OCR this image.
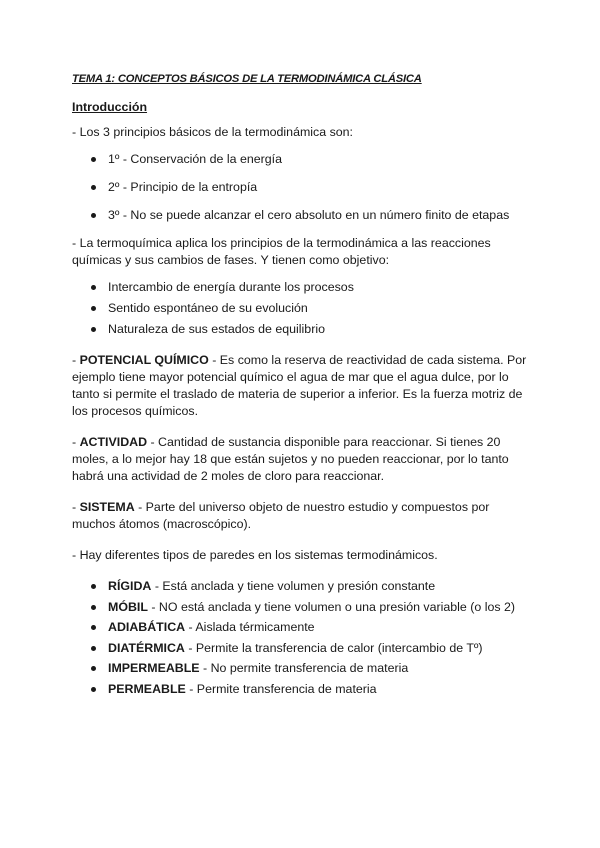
TEMA 1: CONCEPTOS BÁSICOS DE LA TERMODINÁMICA CLÁSICA
Introducción

- Los 3 principios básicos de la termodinámica son:

1º - Conservación de la energía
2º - Principio de la entropía
3º - No se puede alcanzar el cero absoluto en un número finito de etapas

- La termoquímica aplica los principios de la termodinámica a las reacciones químicas y sus cambios de fases. Y tienen como objetivo:

Intercambio de energía durante los procesos
Sentido espontáneo de su evolución
Naturaleza de sus estados de equilibrio

- POTENCIAL QUÍMICO - Es como la reserva de reactividad de cada sistema. Por ejemplo tiene mayor potencial químico el agua de mar que el agua dulce, por lo tanto si permite el traslado de materia de superior a inferior. Es la fuerza motriz de los procesos químicos.

- ACTIVIDAD - Cantidad de sustancia disponible para reaccionar. Si tienes 20 moles, a lo mejor hay 18 que están sujetos y no pueden reaccionar, por lo tanto habrá una actividad de 2 moles de cloro para reaccionar.

- SISTEMA - Parte del universo objeto de nuestro estudio y compuestos por muchos átomos (macroscópico).

- Hay diferentes tipos de paredes en los sistemas termodinámicos.

RÍGIDA - Está anclada y tiene volumen y presión constante
MÓBIL - NO está anclada y tiene volumen o una presión variable (o los 2)
ADIABÁTICA - Aislada térmicamente
DIATÉRMICA - Permite la transferencia de calor (intercambio de Tº)
IMPERMEABLE - No permite transferencia de materia
PERMEABLE - Permite transferencia de materia
